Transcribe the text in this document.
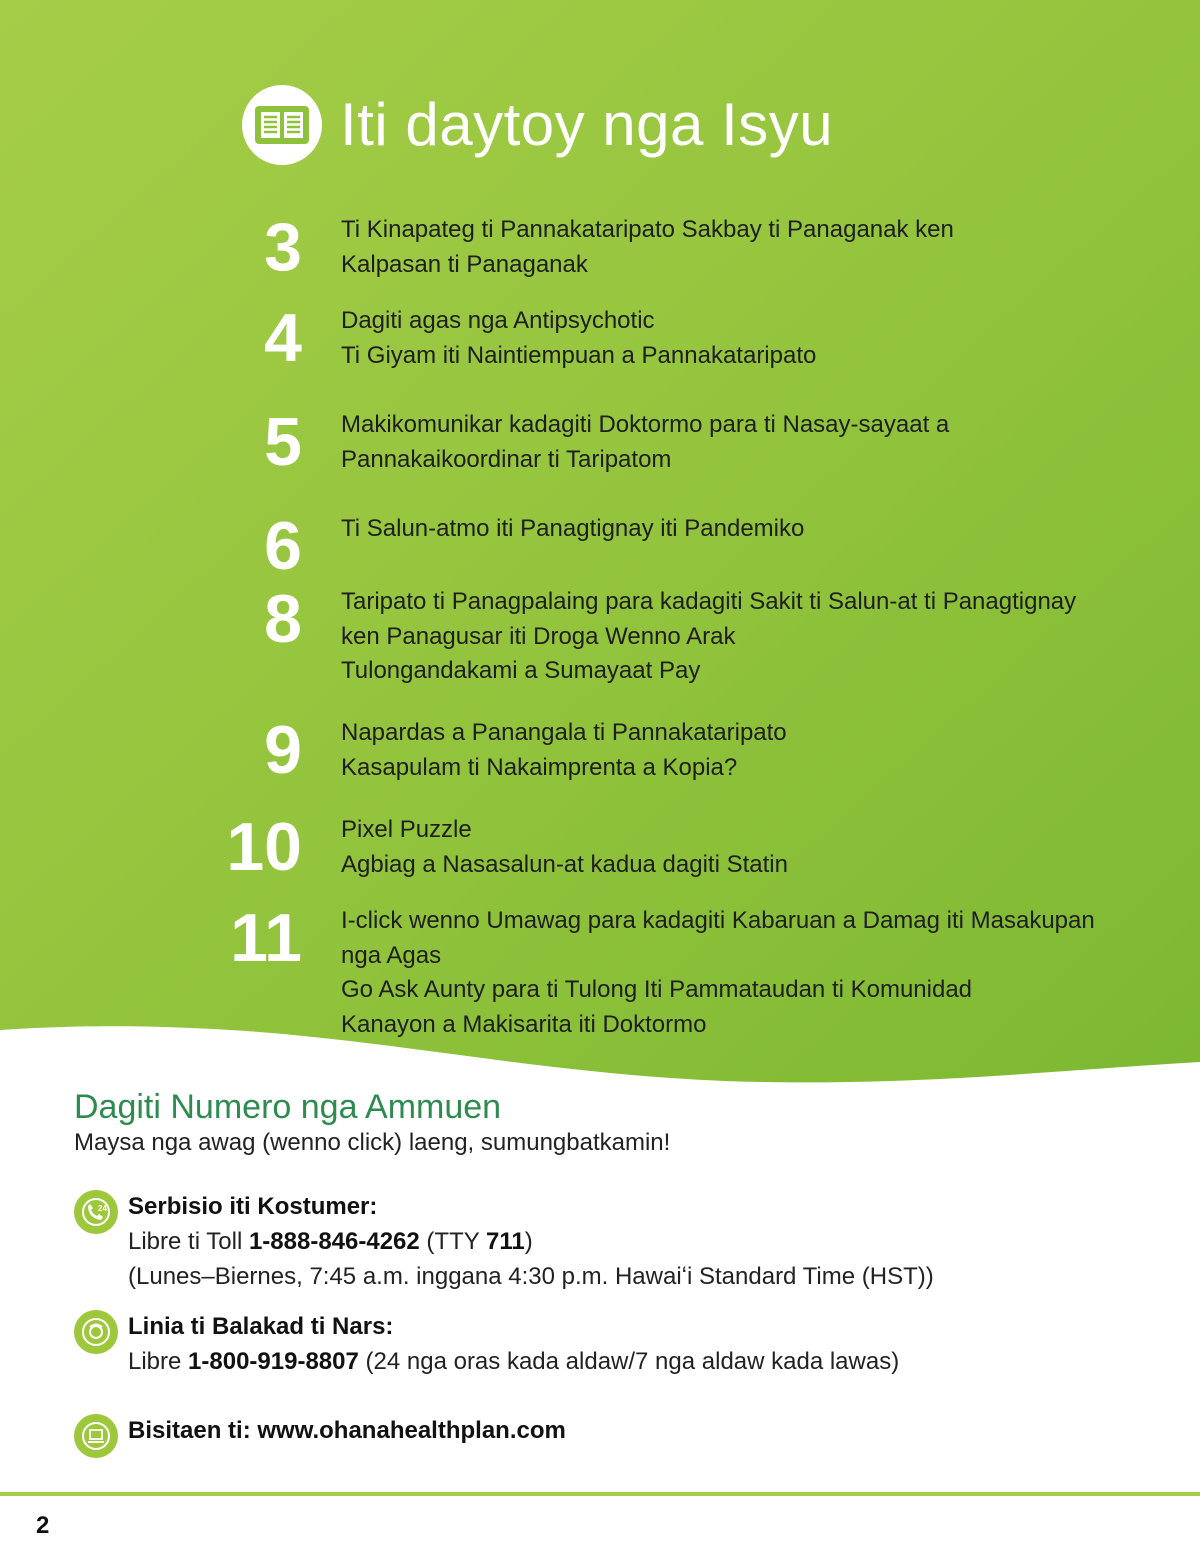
Iti daytoy nga Isyu
3 Ti Kinapateg ti Pannakataripato Sakbay ti Panaganak ken
Kalpasan ti Panaganak
4 Dagiti agas nga Antipsychotic
Ti Giyam iti Naintiempuan a Pannakataripato
5 Makikomunikar kadagiti Doktormo para ti Nasay-sayaat a
Pannakaikoordinar ti Taripatom
6 Ti Salun-atmo iti Panagtignay iti Pandemiko
8 Taripato ti Panagpalaing para kadagiti Sakit ti Salun-at ti Panagtignay
ken Panagusar iti Droga Wenno Arak
Tulongandakami a Sumayaat Pay
9 Napardas a Panangala ti Pannakataripato
Kasapulam ti Nakaimprenta a Kopia?
10 Pixel Puzzle
Agbiag a Nasasalun-at kadua dagiti Statin
11 I-click wenno Umawag para kadagiti Kabaruan a Damag iti Masakupan
nga Agas
Go Ask Aunty para ti Tulong Iti Pammataudan ti Komunidad
Kanayon a Makisarita iti Doktormo
Dagiti Numero nga Ammuen
Maysa nga awag (wenno click) laeng, sumungbatkamin!
24 Serbisio iti Kostumer:
Libre ti Toll 1-888-846-4262 (TTY 711)
(Lunes–Biernes, 7:45 a.m. inggana 4:30 p.m. Hawaiʻi Standard Time (HST))
Linia ti Balakad ti Nars:
Libre 1-800-919-8807 (24 nga oras kada aldaw/7 nga aldaw kada lawas)
Bisitaen ti: www.ohanahealthplan.com
2
